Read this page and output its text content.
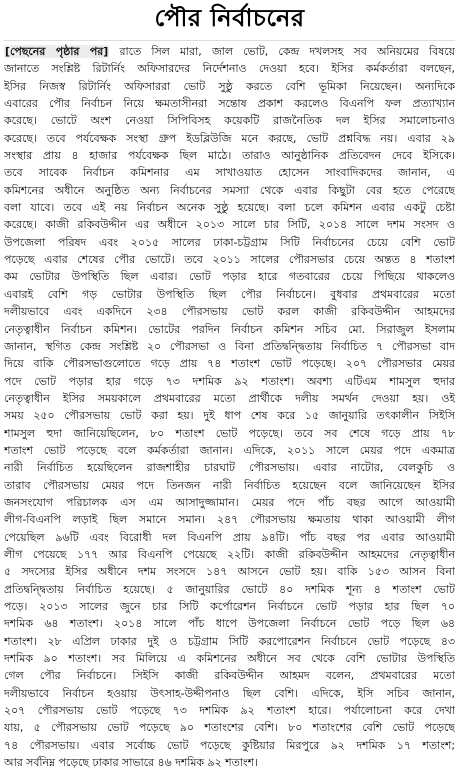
পৌর নির্বাচনের
[পেছনের পৃষ্ঠার পর] রাতে সিল মারা, জাল ভোট, কেন্দ্র দখলসহ সব অনিয়মের বিষয়ে
জানাতে সংশ্লিষ্ট রিটার্নিং অফিসারদের নির্দেশনাও দেওয়া হবে। ইসির কর্মকর্তারা বলছেন,
ইসির নিজস্ব রিটার্নিং অফিসাররা ভোট সুষ্ঠু করতে বেশি ভূমিকা নিয়েছেন। অন্যদিকে
এবারের পৌর নির্বাচন নিয়ে ক্ষমতাসীনরা সন্তোষ প্রকাশ করলেও বিএনপি ফল প্রত্যাখ্যান
করেছে। ভোটে অংশ নেওয়া সিপিবিসহ কয়েকটি রাজনৈতিক দল ইসির সমালোচনাও
করেছে। তবে পর্যবেক্ষক সংস্থা গ্রুপ ইডব্লিউজি মনে করছে, ভোট প্রশ্নবিদ্ধ নয়। এবার ২৯
সংস্থার প্রায় ৪ হাজার পর্যবেক্ষক ছিল মাঠে। তারাও আনুষ্ঠানিক প্রতিবেদন দেবে ইসিকে।
তবে সাবেক নির্বাচন কমিশনার এম সাখাওয়াত হোসেন সাংবাদিকদের জানান, এ
কমিশনের অধীনে অনুষ্ঠিত অন্য নির্বাচনের সমস্যা থেকে এবার কিছুটা বের হতে পেরেছে
বলা যাবে। তবে এই নয় নির্বাচন অনেক সুষ্ঠু হয়েছে। বলা চলে কমিশন এবার একটু চেষ্টা
করেছে। কাজী রকিবউদ্দীন এর অধীনে ২০১৩ সালে চার সিটি, ২০১৪ সালে দশম সংসদ ও
উপজেলা পরিষদ এবং ২০১৫ সালের ঢাকা-চট্টগ্রাম সিটি নির্বাচনের চেয়ে বেশি ভোট
পড়েছে এবার শেষের পৌর ভোটে। তবে ২০১১ সালের পৌরসভার চেয়ে অন্তত ৪ শতাংশ
কম ভোটার উপস্থিতি ছিল এবার। ভোট পড়ার হারে গতবারের চেয়ে পিছিয়ে থাকলেও
এবারই বেশি গড় ভোটার উপস্থিতি ছিল পৌর নির্বাচনে। বুধবার প্রথমবারের মতো
দলীয়ভাবে এবং একদিনে ২৩৪ পৌরসভায় ভোট করল কাজী রকিবউদ্দীন আহমদের
নেতৃত্বাধীন নির্বাচন কমিশন। ভোটের পরদিন নির্বাচন কমিশন সচিব মো. সিরাজুল ইসলাম
জানান, স্থগিত কেন্দ্র সংশ্লিষ্ট ২০ পৌরসভা ও বিনা প্রতিদ্বন্দ্বিতায় নির্বাচিত ৭ পৌরসভা বাদ
দিয়ে বাকি পৌরসভাগুলোতে গড়ে প্রায় ৭৪ শতাংশ ভোট পড়েছে। ২০৭ পৌরসভার মেয়র
পদে ভোট পড়ার হার গড়ে ৭৩ দশমিক ৯২ শতাংশ। অবশ্য এটিএম শামসুল হুদার
নেতৃত্বাধীন ইসির সময়কালে প্রথমবারের মতো প্রার্থীকে দলীয় সমর্থন দেওয়া হয়। ওই
সময় ২৫০ পৌরসভায় ভোট করা হয়। দুই ধাপ শেষ করে ১৫ জানুয়ারি তৎকালীন সিইসি
শামসুল হুদা জানিয়েছিলেন, ৮০ শতাংশ ভোট পড়েছে। তবে সব শেষে গড়ে প্রায় ৭৮
শতাংশ ভোট পড়েছে বলে কর্মকর্তারা জানান। এদিকে, ২০১১ সালে মেয়র পদে একমাত্র
নারী নির্বাচিত হয়েছিলেন রাজশাহীর চারঘাট পৌরসভায়। এবার নাটোর, বেলকুচি ও
তারাব পৌরসভায় মেয়র পদে তিনজন নারী নির্বাচিত হয়েছেন বলে জানিয়েছেন ইসির
জনসংযোগ পরিচালক এস এম আসাদুজ্জামান। মেয়র পদে পাঁচ বছর আগে আওয়ামী
লীগ-বিএনপি লড়াই ছিল সমানে সমান। ২৪৭ পৌরসভায় ক্ষমতায় থাকা আওয়ামী লীগ
পেয়েছিল ৯৬টি এবং বিরোধী দল বিএনপি প্রায় ৯৪টি। পাঁচ বছর পর এবার আওয়ামী
লীগ পেয়েছে ১৭৭ আর বিএনপি পেয়েছে ২২টি। কাজী রকিবউদ্দীন আহমদের নেতৃত্বাধীন
৫ সদস্যের ইসির অধীনে দশম সংসদে ১৪৭ আসনে ভোট হয়। বাকি ১৫৩ আসন বিনা
প্রতিদ্বন্দ্বিতায় নির্বাচিত হয়েছে। ৫ জানুয়ারির ভোটে ৪০ দশমিক শূন্য ৪ শতাংশ ভোট
পড়ে। ২০১৩ সালের জুনে চার সিটি কর্পোরেশন নির্বাচনে ভোট পড়ার হার ছিল ৭০
দশমিক ৬৪ শতাংশ। ২০১৪ সালে পাঁচ ধাপে উপজেলা নির্বাচনে ভোট পড়ে ছিল ৬৪
শতাংশ। ২৮ এপ্রিল ঢাকার দুই ও চট্টগ্রাম সিটি করপোরেশন নির্বাচনে ভোট পড়েছে ৪৩
দশমিক ৯০ শতাংশ। সব মিলিয়ে এ কমিশনের অধীনে সব থেকে বেশি ভোটার উপস্থিতি
গেল পৌর নির্বাচনে। সিইসি কাজী রকিবউদ্দীন আহমদ বলেন, প্রথমবারের মতো
দলীয়ভাবে নির্বাচন হওয়ায় উৎসাহ-উদ্দীপনাও ছিল বেশি। এদিকে, ইসি সচিব জানান,
২০৭ পৌরসভায় ভোট পড়েছে ৭৩ দশমিক ৯২ শতাংশ হারে। পর্যালোচনা করে দেখা
যায়, ৫ পৌরসভায় ভোট পড়েছে ৯০ শতাংশের বেশি। ৮০ শতাংশের বেশি ভোট পড়েছে
৭৪ পৌরসভায়। এবার সর্বোচ্চ ভোট পড়েছে কুষ্টিয়ার মিরপুরে ৯২ দশমিক ১৭ শতাংশ;
আর সর্বনিম্ন পড়েছে ঢাকার সাভারে ৪৬ দশমিক ৯২ শতাংশ।
